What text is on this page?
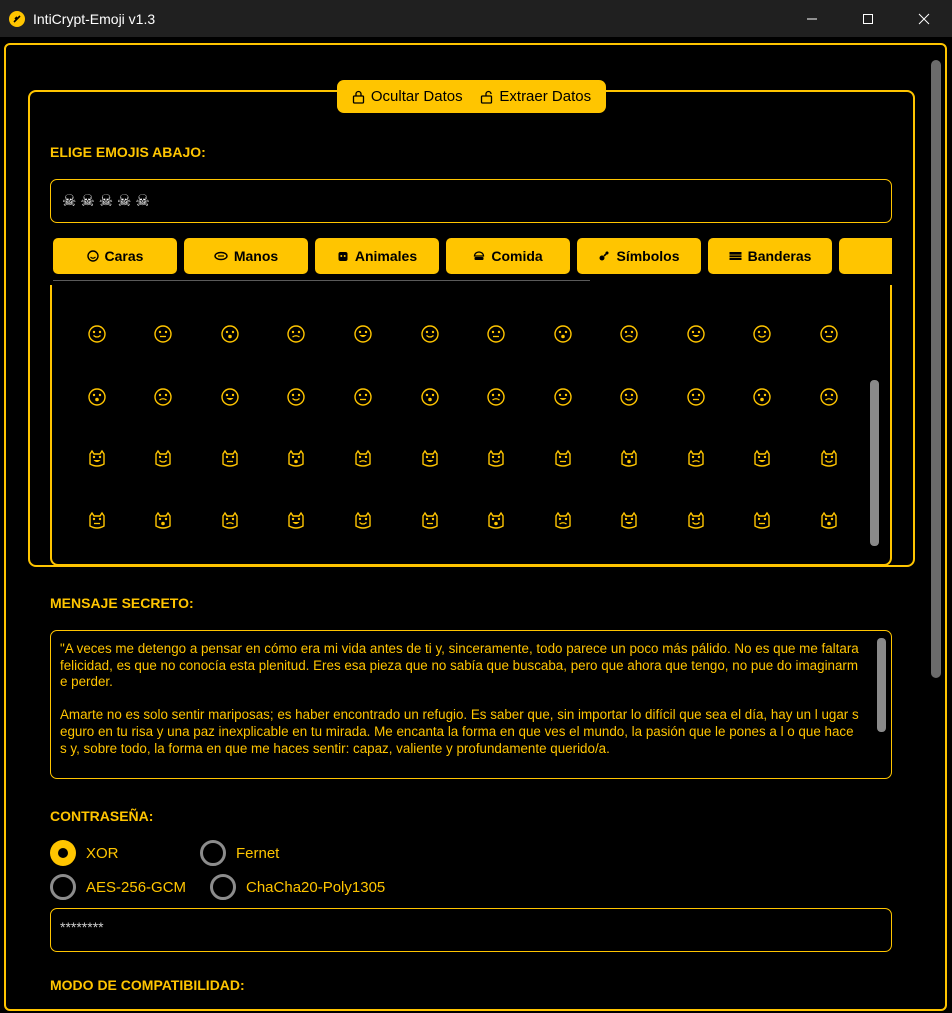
IntiCrypt-Emoji v1.3
Ocultar Datos Extraer Datos
ELIGE EMOJIS ABAJO:
☠ ☠ ☠ ☠ ☠
Caras	Manos	Animales	Comida	Símbolos	Banderas
MENSAJE SECRETO:
"A veces me detengo a pensar en cómo era mi vida antes de ti y, sinceramente, todo parece un poco más pálido. No es que me faltara felicidad, es que no conocía esta plenitud. Eres esa pieza que no sabía que buscaba, pero que ahora que tengo, no pue do imaginarme perder.

Amarte no es solo sentir mariposas; es haber encontrado un refugio. Es saber que, sin importar lo difícil que sea el día, hay un l ugar seguro en tu risa y una paz inexplicable en tu mirada. Me encanta la forma en que ves el mundo, la pasión que le pones a l o que haces y, sobre todo, la forma en que me haces sentir: capaz, valiente y profundamente querido/a.
CONTRASEÑA:
XOR	Fernet
AES-256-GCM	ChaCha20-Poly1305
********
MODO DE COMPATIBILIDAD:
